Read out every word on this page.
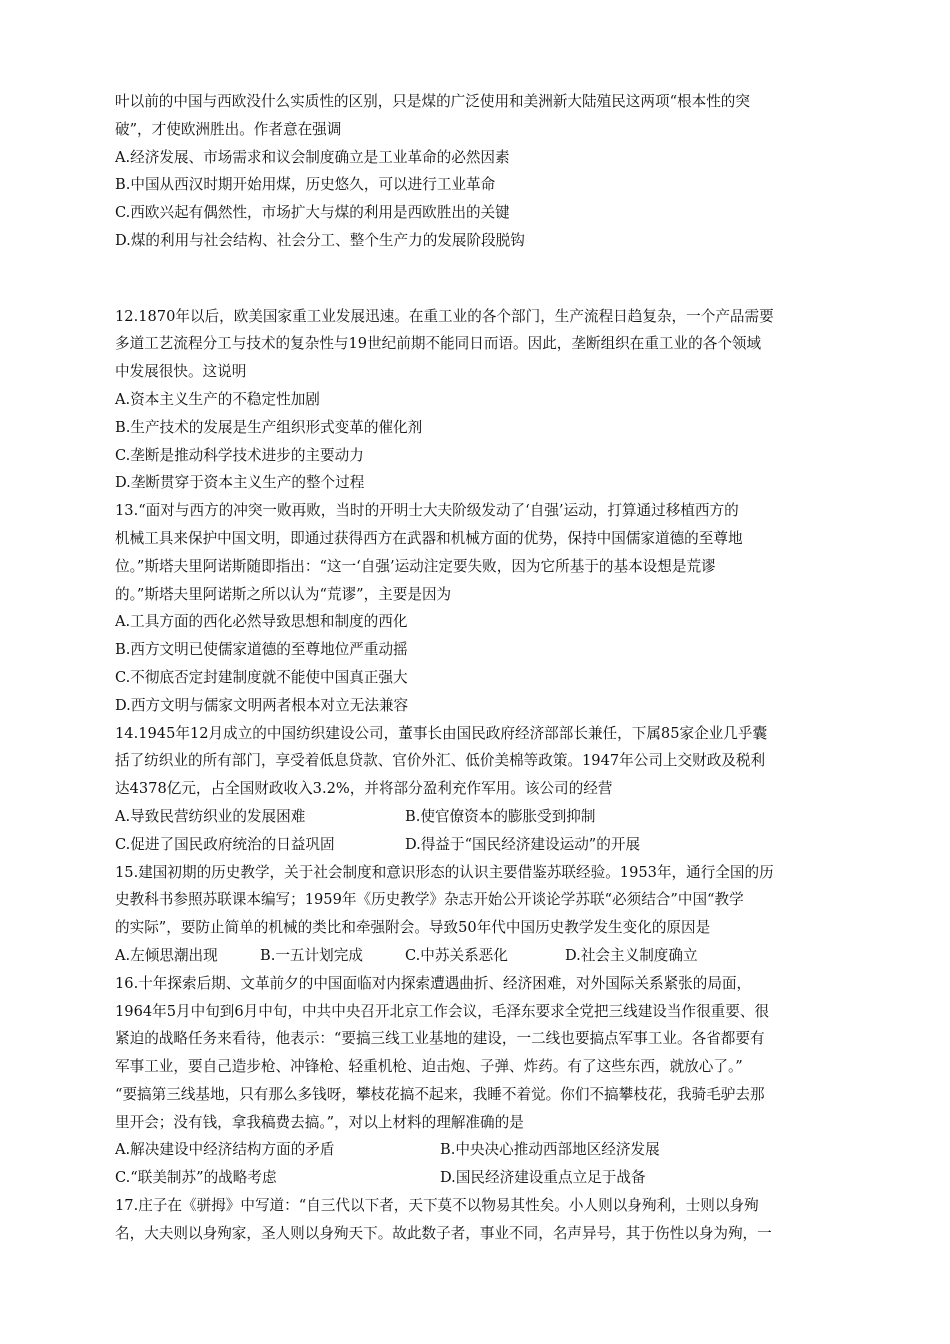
叶以前的中国与西欧没什么实质性的区别，只是煤的广泛使用和美洲新大陆殖民这两项“根本性的突
破”，才使欧洲胜出。作者意在强调
A.经济发展、市场需求和议会制度确立是工业革命的必然因素
B.中国从西汉时期开始用煤，历史悠久，可以进行工业革命
C.西欧兴起有偶然性，市场扩大与煤的利用是西欧胜出的关键
D.煤的利用与社会结构、社会分工、整个生产力的发展阶段脱钩
12.1870年以后，欧美国家重工业发展迅速。在重工业的各个部门，生产流程日趋复杂，一个产品需要
多道工艺流程分工与技术的复杂性与19世纪前期不能同日而语。因此，垄断组织在重工业的各个领域
中发展很快。这说明
A.资本主义生产的不稳定性加剧
B.生产技术的发展是生产组织形式变革的催化剂
C.垄断是推动科学技术进步的主要动力
D.垄断贯穿于资本主义生产的整个过程
13.“面对与西方的冲突一败再败，当时的开明士大夫阶级发动了‘自强’运动，打算通过移植西方的
机械工具来保护中国文明，即通过获得西方在武器和机械方面的优势，保持中国儒家道德的至尊地
位。”斯塔夫里阿诺斯随即指出：“这一‘自强’运动注定要失败，因为它所基于的基本设想是荒谬
的。”斯塔夫里阿诺斯之所以认为“荒谬”，主要是因为
A.工具方面的西化必然导致思想和制度的西化
B.西方文明已使儒家道德的至尊地位严重动摇
C.不彻底否定封建制度就不能使中国真正强大
D.西方文明与儒家文明两者根本对立无法兼容
14.1945年12月成立的中国纺织建设公司，董事长由国民政府经济部部长兼任，下属85家企业几乎囊
括了纺织业的所有部门，享受着低息贷款、官价外汇、低价美棉等政策。1947年公司上交财政及税利
达4378亿元，占全国财政收入3.2%，并将部分盈利充作军用。该公司的经营
A.导致民营纺织业的发展困难	B.使官僚资本的膨胀受到抑制
C.促进了国民政府统治的日益巩固	D.得益于“国民经济建设运动”的开展
15.建国初期的历史教学，关于社会制度和意识形态的认识主要借鉴苏联经验。1953年，通行全国的历
史教科书参照苏联课本编写；1959年《历史教学》杂志开始公开谈论学苏联“必须结合”中国“教学
的实际”，要防止简单的机械的类比和牵强附会。导致50年代中国历史教学发生变化的原因是
A.左倾思潮出现	B.一五计划完成	C.中苏关系恶化	D.社会主义制度确立
16.十年探索后期、文革前夕的中国面临对内探索遭遇曲折、经济困难，对外国际关系紧张的局面，
1964年5月中旬到6月中旬，中共中央召开北京工作会议，毛泽东要求全党把三线建设当作很重要、很
紧迫的战略任务来看待，他表示：“要搞三线工业基地的建设，一二线也要搞点军事工业。各省都要有
军事工业，要自己造步枪、冲锋枪、轻重机枪、迫击炮、子弹、炸药。有了这些东西，就放心了。”
“要搞第三线基地，只有那么多钱呀，攀枝花搞不起来，我睡不着觉。你们不搞攀枝花，我骑毛驴去那
里开会；没有钱，拿我稿费去搞。”，对以上材料的理解准确的是
A.解决建设中经济结构方面的矛盾	B.中央决心推动西部地区经济发展
C.“联美制苏”的战略考虑	D.国民经济建设重点立足于战备
17.庄子在《骈拇》中写道：“自三代以下者，天下莫不以物易其性矣。小人则以身殉利，士则以身殉
名，大夫则以身殉家，圣人则以身殉天下。故此数子者，事业不同，名声异号，其于伤性以身为殉，一
